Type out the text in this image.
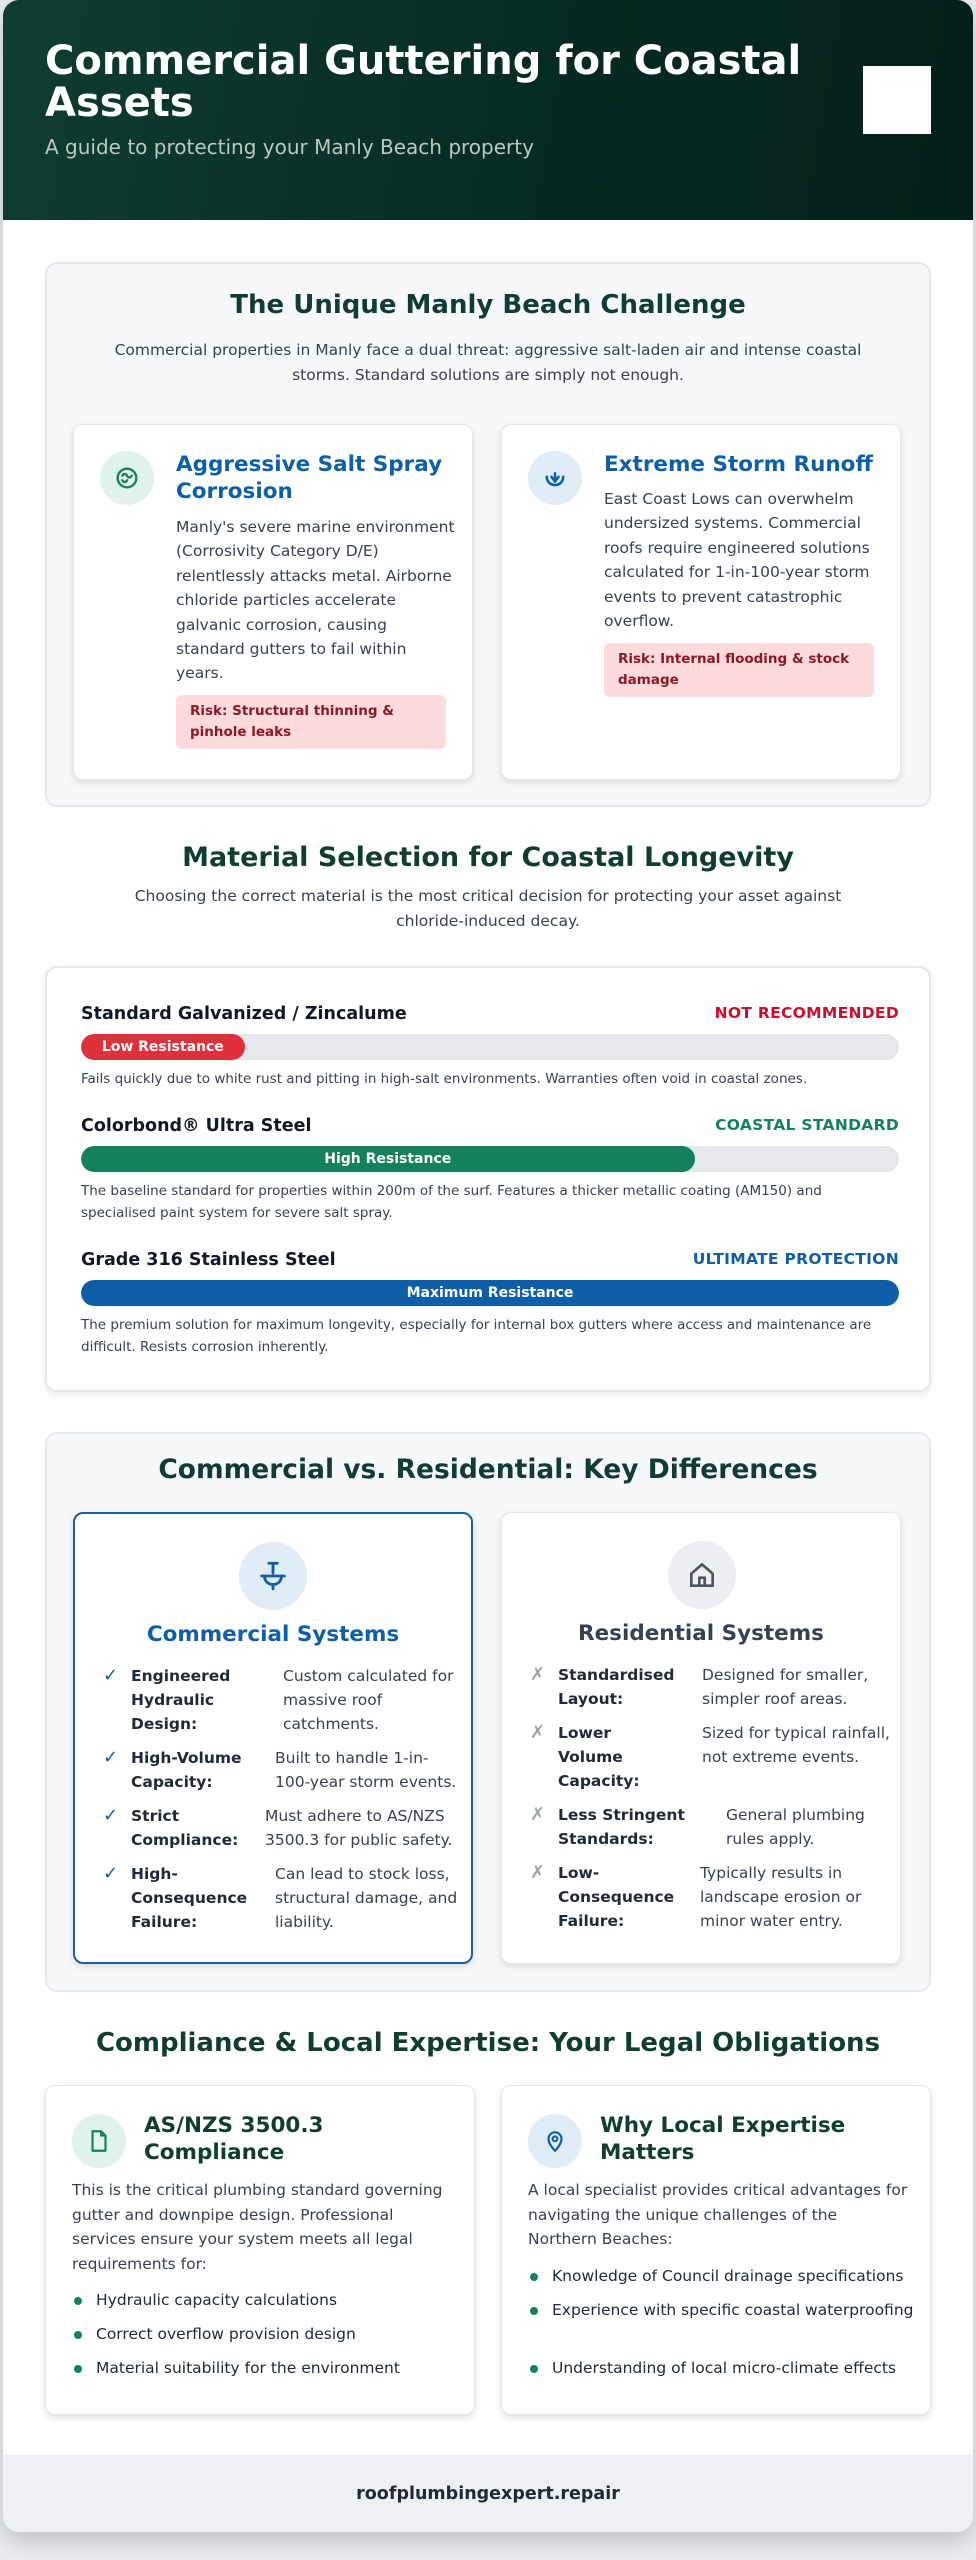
Commercial Guttering for Coastal Assets
A guide to protecting your Manly Beach property
The Unique Manly Beach Challenge
Commercial properties in Manly face a dual threat: aggressive salt-laden air and intense coastal storms. Standard solutions are simply not enough.
Aggressive Salt Spray Corrosion
Manly's severe marine environment (Corrosivity Category D/E) relentlessly attacks metal. Airborne chloride particles accelerate galvanic corrosion, causing standard gutters to fail within years.
Risk: Structural thinning & pinhole leaks
Extreme Storm Runoff
East Coast Lows can overwhelm undersized systems. Commercial roofs require engineered solutions calculated for 1-in-100-year storm events to prevent catastrophic overflow.
Risk: Internal flooding & stock damage
Material Selection for Coastal Longevity
Choosing the correct material is the most critical decision for protecting your asset against chloride-induced decay.
Standard Galvanized / Zincalume	NOT RECOMMENDED
Low Resistance
Fails quickly due to white rust and pitting in high-salt environments. Warranties often void in coastal zones.
Colorbond® Ultra Steel	COASTAL STANDARD
High Resistance
The baseline standard for properties within 200m of the surf. Features a thicker metallic coating (AM150) and specialised paint system for severe salt spray.
Grade 316 Stainless Steel	ULTIMATE PROTECTION
Maximum Resistance
The premium solution for maximum longevity, especially for internal box gutters where access and maintenance are difficult. Resists corrosion inherently.
Commercial vs. Residential: Key Differences
Commercial Systems
✓ Engineered Hydraulic Design:
Custom calculated for massive roof catchments.
✓ High-Volume Capacity:
Built to handle 1-in-100-year storm events.
✓ Strict Compliance:
Must adhere to AS/NZS 3500.3 for public safety.
✓ High-Consequence Failure:
Can lead to stock loss, structural damage, and liability.
Residential Systems
✗ Standardised Layout:
Designed for smaller, simpler roof areas.
✗ Lower Volume Capacity:
Sized for typical rainfall, not extreme events.
✗ Less Stringent Standards:
General plumbing rules apply.
✗ Low-Consequence Failure:
Typically results in landscape erosion or minor water entry.
Compliance & Local Expertise: Your Legal Obligations
AS/NZS 3500.3 Compliance
This is the critical plumbing standard governing gutter and downpipe design. Professional services ensure your system meets all legal requirements for:
Hydraulic capacity calculations
Correct overflow provision design
Material suitability for the environment
Why Local Expertise Matters
A local specialist provides critical advantages for navigating the unique challenges of the Northern Beaches:
Knowledge of Council drainage specifications
Experience with specific coastal waterproofing
Understanding of local micro-climate effects
roofplumbingexpert.repair
